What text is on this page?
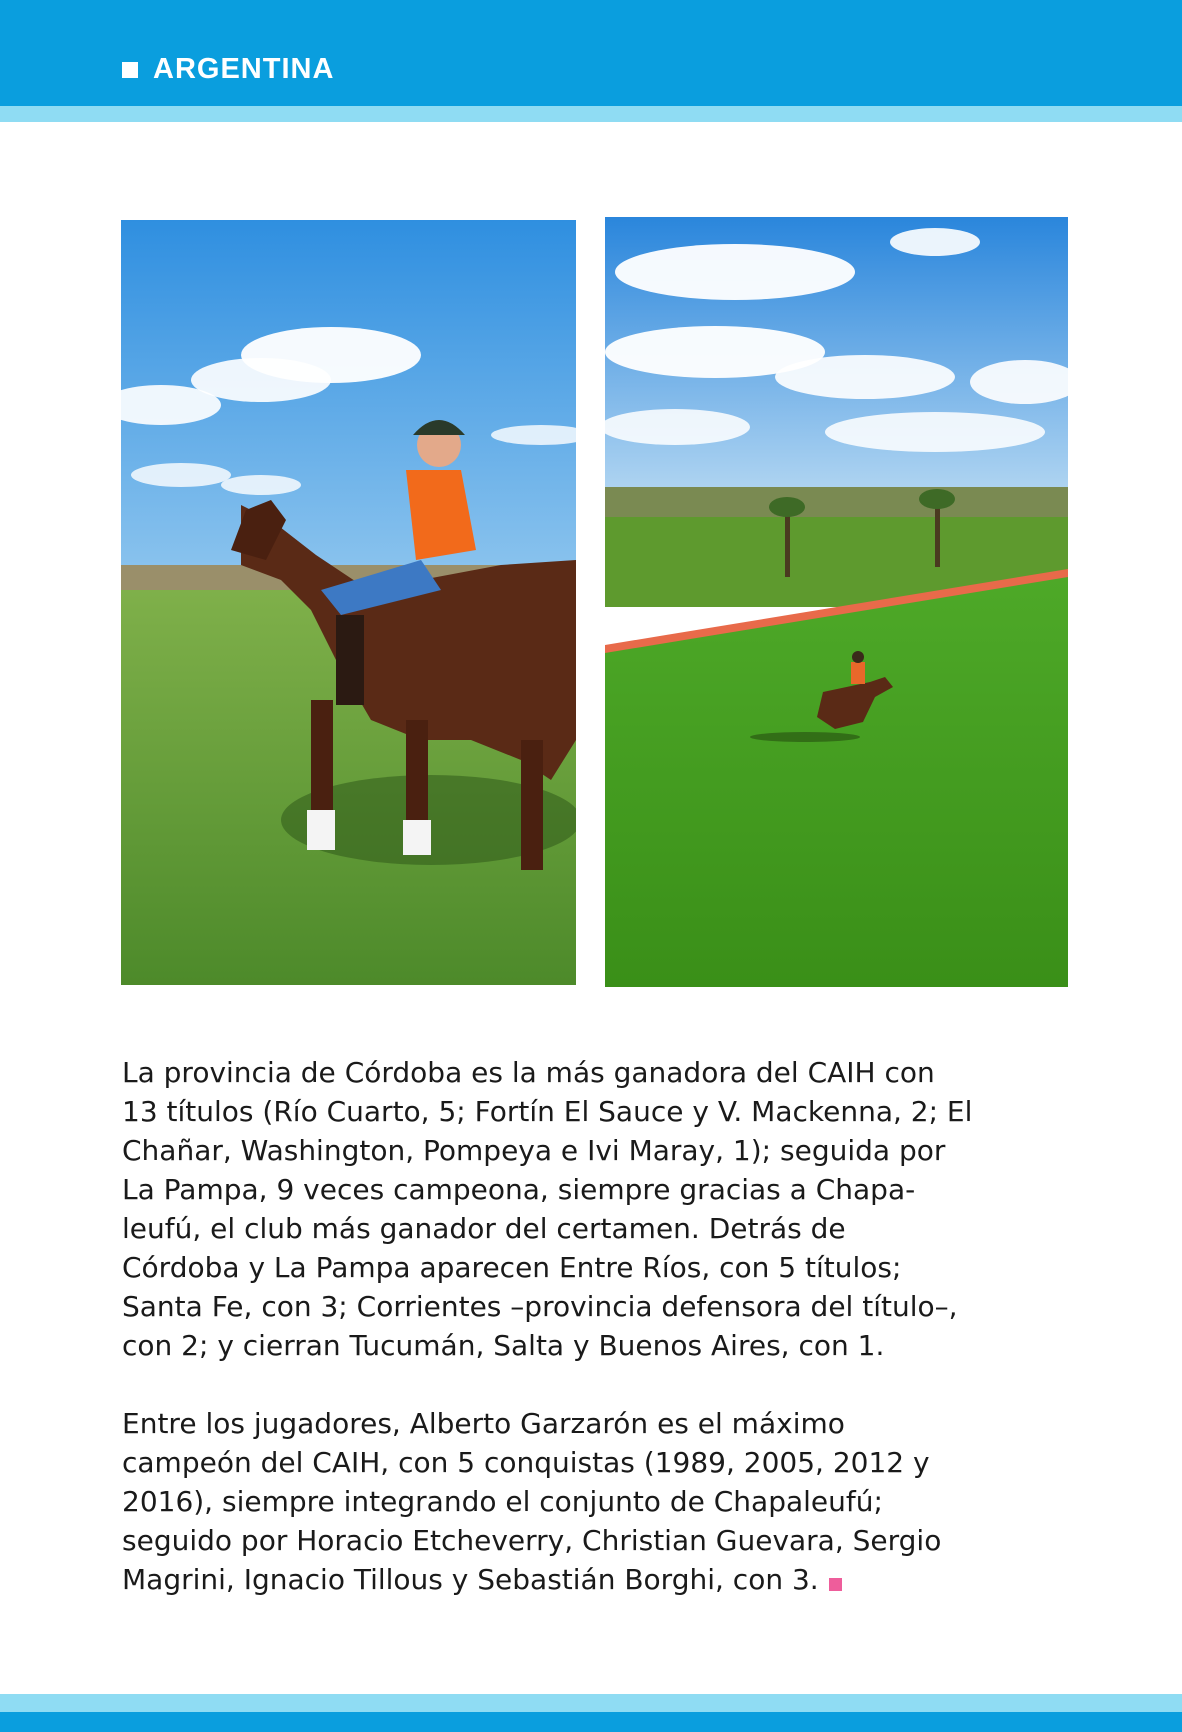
ARGENTINA

La provincia de Córdoba es la más ganadora del CAIH con
13 títulos (Río Cuarto, 5; Fortín El Sauce y V. Mackenna, 2; El
Chañar, Washington, Pompeya e Ivi Maray, 1); seguida por
La Pampa, 9 veces campeona, siempre gracias a Chapa-
leufú, el club más ganador del certamen. Detrás de
Córdoba y La Pampa aparecen Entre Ríos, con 5 títulos;
Santa Fe, con 3; Corrientes –provincia defensora del título–,
con 2; y cierran Tucumán, Salta y Buenos Aires, con 1.

Entre los jugadores, Alberto Garzarón es el máximo
campeón del CAIH, con 5 conquistas (1989, 2005, 2012 y
2016), siempre integrando el conjunto de Chapaleufú;
seguido por Horacio Etcheverry, Christian Guevara, Sergio
Magrini, Ignacio Tillous y Sebastián Borghi, con 3.
